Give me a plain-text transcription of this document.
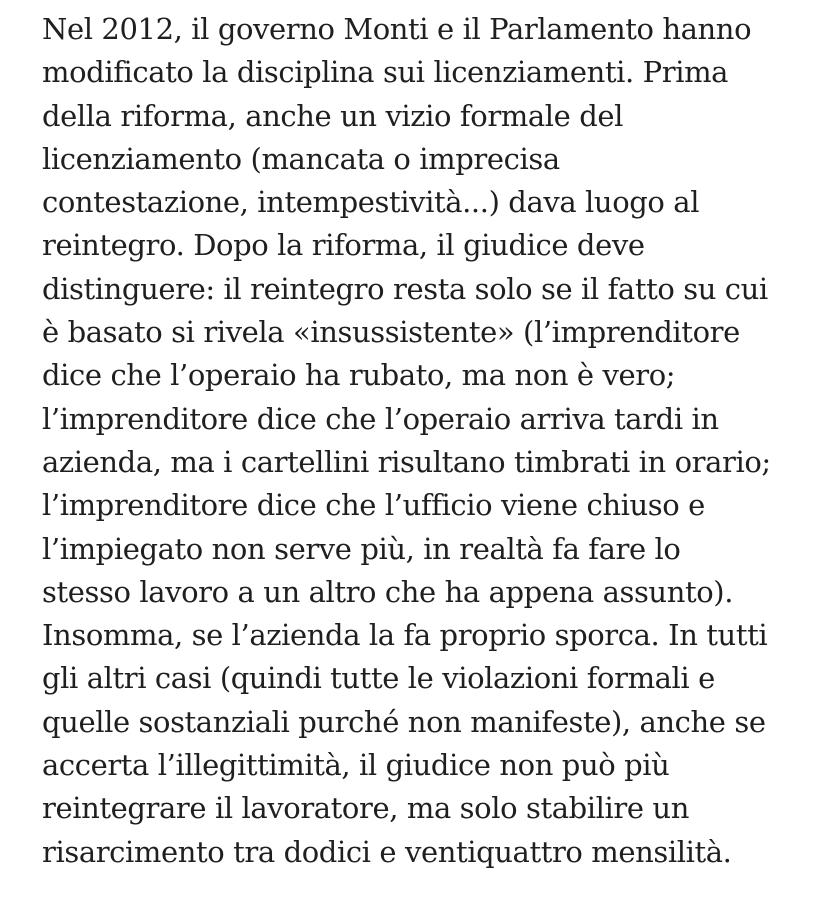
Nel 2012, il governo Monti e il Parlamento hanno
modificato la disciplina sui licenziamenti. Prima
della riforma, anche un vizio formale del
licenziamento (mancata o imprecisa
contestazione, intempestività...) dava luogo al
reintegro. Dopo la riforma, il giudice deve
distinguere: il reintegro resta solo se il fatto su cui
è basato si rivela «insussistente» (l’imprenditore
dice che l’operaio ha rubato, ma non è vero;
l’imprenditore dice che l’operaio arriva tardi in
azienda, ma i cartellini risultano timbrati in orario;
l’imprenditore dice che l’ufficio viene chiuso e
l’impiegato non serve più, in realtà fa fare lo
stesso lavoro a un altro che ha appena assunto).
Insomma, se l’azienda la fa proprio sporca. In tutti
gli altri casi (quindi tutte le violazioni formali e
quelle sostanziali purché non manifeste), anche se
accerta l’illegittimità, il giudice non può più
reintegrare il lavoratore, ma solo stabilire un
risarcimento tra dodici e ventiquattro mensilità.
